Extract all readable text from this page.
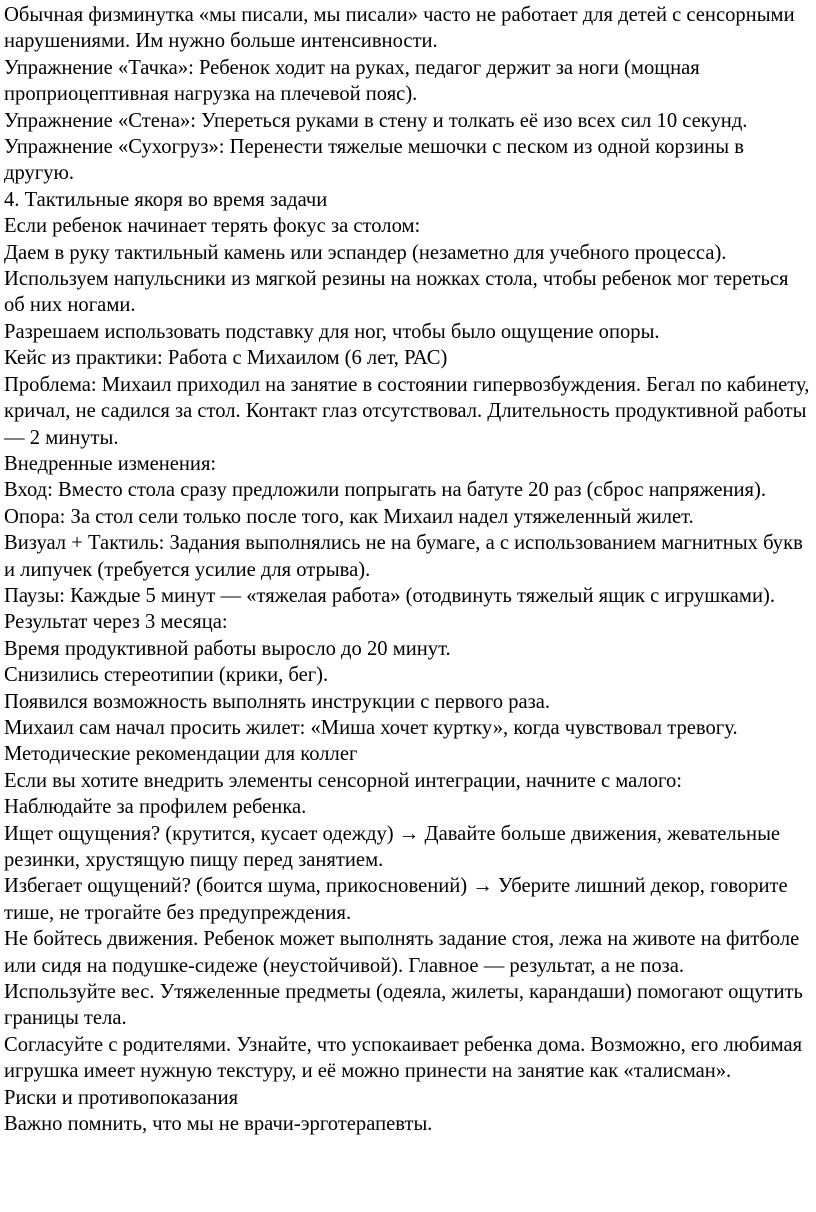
Обычная физминутка «мы писали, мы писали» часто не работает для детей с сенсорными нарушениями. Им нужно больше интенсивности.

Упражнение «Тачка»: Ребенок ходит на руках, педагог держит за ноги (мощная проприоцептивная нагрузка на плечевой пояс).

Упражнение «Стена»: Упереться руками в стену и толкать её изо всех сил 10 секунд.

Упражнение «Сухогруз»: Перенести тяжелые мешочки с песком из одной корзины в другую.

4. Тактильные якоря во время задачи

Если ребенок начинает терять фокус за столом:

Даем в руку тактильный камень или эспандер (незаметно для учебного процесса).

Используем напульсники из мягкой резины на ножках стола, чтобы ребенок мог тереться об них ногами.

Разрешаем использовать подставку для ног, чтобы было ощущение опоры.

Кейс из практики: Работа с Михаилом (6 лет, РАС)

Проблема: Михаил приходил на занятие в состоянии гипервозбуждения. Бегал по кабинету, кричал, не садился за стол. Контакт глаз отсутствовал. Длительность продуктивной работы — 2 минуты.

Внедренные изменения:

Вход: Вместо стола сразу предложили попрыгать на батуте 20 раз (сброс напряжения).

Опора: За стол сели только после того, как Михаил надел утяжеленный жилет.

Визуал + Тактиль: Задания выполнялись не на бумаге, а с использованием магнитных букв и липучек (требуется усилие для отрыва).

Паузы: Каждые 5 минут — «тяжелая работа» (отодвинуть тяжелый ящик с игрушками).

Результат через 3 месяца:

Время продуктивной работы выросло до 20 минут.

Снизились стереотипии (крики, бег).

Появился возможность выполнять инструкции с первого раза.

Михаил сам начал просить жилет: «Миша хочет куртку», когда чувствовал тревогу.

Методические рекомендации для коллег

Если вы хотите внедрить элементы сенсорной интеграции, начните с малого:

Наблюдайте за профилем ребенка.

Ищет ощущения? (крутится, кусает одежду) → Давайте больше движения, жевательные резинки, хрустящую пищу перед занятием.

Избегает ощущений? (боится шума, прикосновений) → Уберите лишний декор, говорите тише, не трогайте без предупреждения.

Не бойтесь движения. Ребенок может выполнять задание стоя, лежа на животе на фитболе или сидя на подушке-сидеже (неустойчивой). Главное — результат, а не поза.

Используйте вес. Утяжеленные предметы (одеяла, жилеты, карандаши) помогают ощутить границы тела.

Согласуйте с родителями. Узнайте, что успокаивает ребенка дома. Возможно, его любимая игрушка имеет нужную текстуру, и её можно принести на занятие как «талисман».

Риски и противопоказания

Важно помнить, что мы не врачи-эрготерапевты.
